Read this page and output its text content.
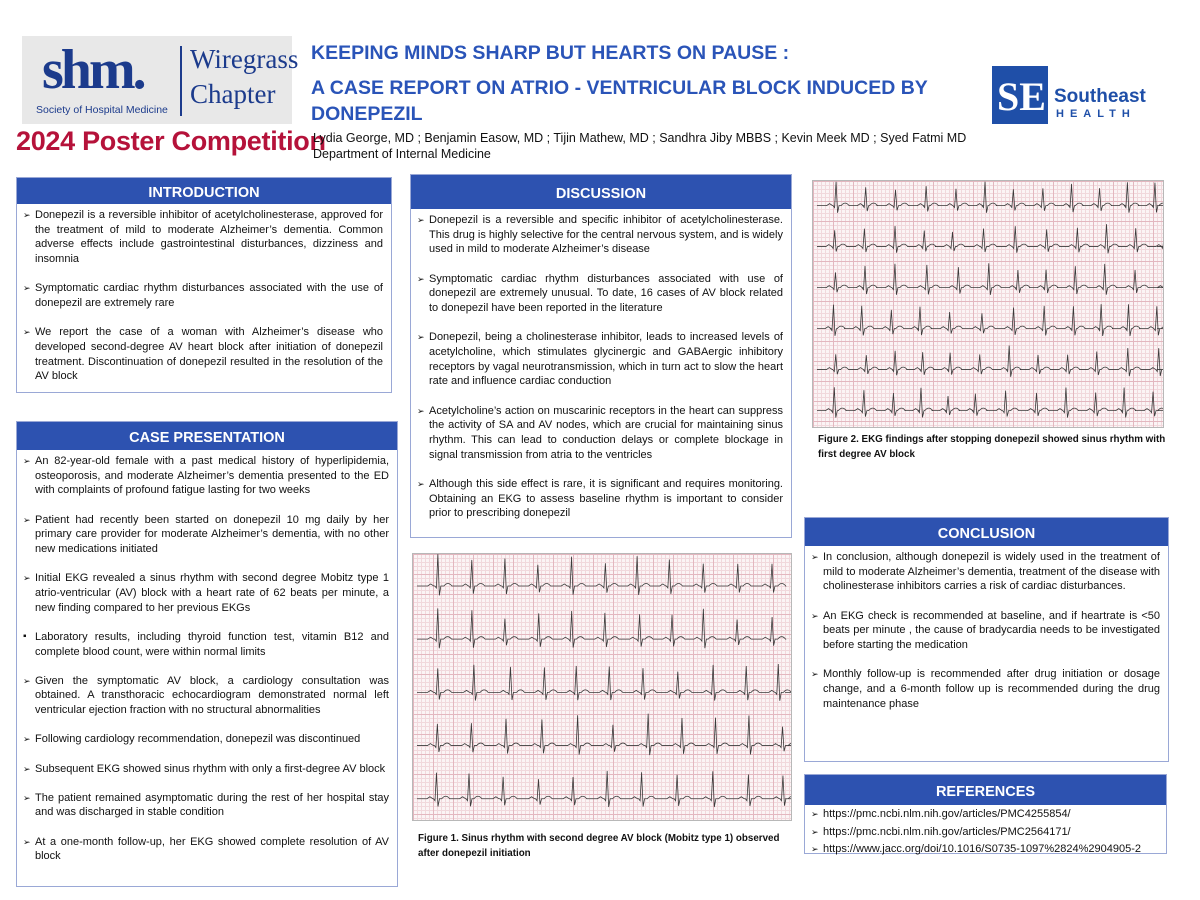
shm.
Society of Hospital Medicine
Wiregrass
Chapter
2024 Poster Competition
SE Southeast
HEALTH
KEEPING MINDS SHARP BUT HEARTS ON PAUSE :
A CASE REPORT ON ATRIO - VENTRICULAR BLOCK INDUCED BY DONEPEZIL
Lydia George, MD ; Benjamin Easow, MD ; Tijin Mathew, MD ; Sandhra Jiby MBBS ; Kevin Meek MD ; Syed Fatmi MD
Department of Internal Medicine
INTRODUCTION
➢ Donepezil is a reversible inhibitor of acetylcholinesterase, approved for the treatment of mild to moderate Alzheimer’s dementia. Common adverse effects include gastrointestinal disturbances, dizziness and insomnia
➢ Symptomatic cardiac rhythm disturbances associated with the use of donepezil are extremely rare
➢ We report the case of a woman with Alzheimer’s disease who developed second-degree AV heart block after initiation of donepezil treatment. Discontinuation of donepezil resulted in the resolution of the AV block
CASE PRESENTATION
➢ An 82-year-old female with a past medical history of hyperlipidemia, osteoporosis, and moderate Alzheimer’s dementia presented to the ED with complaints of profound fatigue lasting for two weeks
➢ Patient had recently been started on donepezil 10 mg daily by her primary care provider for moderate Alzheimer’s dementia, with no other new medications initiated
➢ Initial EKG revealed a sinus rhythm with second degree Mobitz type 1 atrio-ventricular (AV) block with a heart rate of 62 beats per minute, a new finding compared to her previous EKGs
▪ Laboratory results, including thyroid function test, vitamin B12 and complete blood count, were within normal limits
➢ Given the symptomatic AV block, a cardiology consultation was obtained. A transthoracic echocardiogram demonstrated normal left ventricular ejection fraction with no structural abnormalities
➢ Following cardiology recommendation, donepezil was discontinued
➢ Subsequent EKG showed sinus rhythm with only a first-degree AV block
➢ The patient remained asymptomatic during the rest of her hospital stay and was discharged in stable condition
➢ At a one-month follow-up, her EKG showed complete resolution of AV block
DISCUSSION
➢ Donepezil is a reversible and specific inhibitor of acetylcholinesterase. This drug is highly selective for the central nervous system, and is widely used in mild to moderate Alzheimer’s disease
➢ Symptomatic cardiac rhythm disturbances associated with use of donepezil are extremely unusual. To date, 16 cases of AV block related to donepezil have been reported in the literature
➢ Donepezil, being a cholinesterase inhibitor, leads to increased levels of acetylcholine, which stimulates glycinergic and GABAergic inhibitory receptors by vagal neurotransmission, which in turn act to slow the heart rate and influence cardiac conduction
➢ Acetylcholine’s action on muscarinic receptors in the heart can suppress the activity of SA and AV nodes, which are crucial for maintaining sinus rhythm. This can lead to conduction delays or complete blockage in signal transmission from atria to the ventricles
➢ Although this side effect is rare, it is significant and requires monitoring. Obtaining an EKG to assess baseline rhythm is important to consider prior to prescribing donepezil
Figure 2. EKG findings after stopping donepezil showed sinus rhythm with first degree AV block
Figure 1. Sinus rhythm with second degree AV block (Mobitz type 1) observed after donepezil initiation
CONCLUSION
➢ In conclusion, although donepezil is widely used in the treatment of mild to moderate Alzheimer’s dementia, treatment of the disease with cholinesterase inhibitors carries a risk of cardiac disturbances.
➢ An EKG check is recommended at baseline, and if heartrate is <50 beats per minute , the cause of bradycardia needs to be investigated before starting the medication
➢ Monthly follow-up is recommended after drug initiation or dosage change, and a 6-month follow up is recommended during the drug maintenance phase
REFERENCES
➢ https://pmc.ncbi.nlm.nih.gov/articles/PMC4255854/
➢ https://pmc.ncbi.nlm.nih.gov/articles/PMC2564171/
➢ https://www.jacc.org/doi/10.1016/S0735-1097%2824%2904905-2
